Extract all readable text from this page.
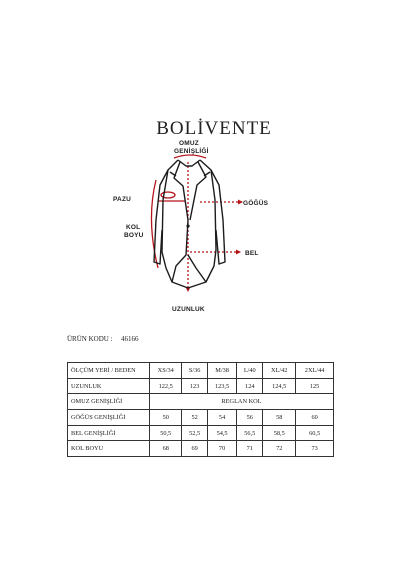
BOLİVENTE
OMUZ
GENİŞLİĞİ
PAZU
GÖĞÜS
KOL
BOYU
BEL
UZUNLUK
ÜRÜN KODU : 46166
ÖLÇÜM YERİ / BEDEN	XS/34	S/36	M/38	L/40	XL/42	2XL/44
UZUNLUK	122,5	123	123,5	124	124,5	125
OMUZ GENİŞLİĞİ	REGLAN KOL					
GÖĞÜS GENİŞLİĞİ	50	52	54	56	58	60
BEL GENİŞLİĞİ	50,5	52,5	54,5	56,5	58,5	60,5
KOL BOYU	68	69	70	71	72	73
